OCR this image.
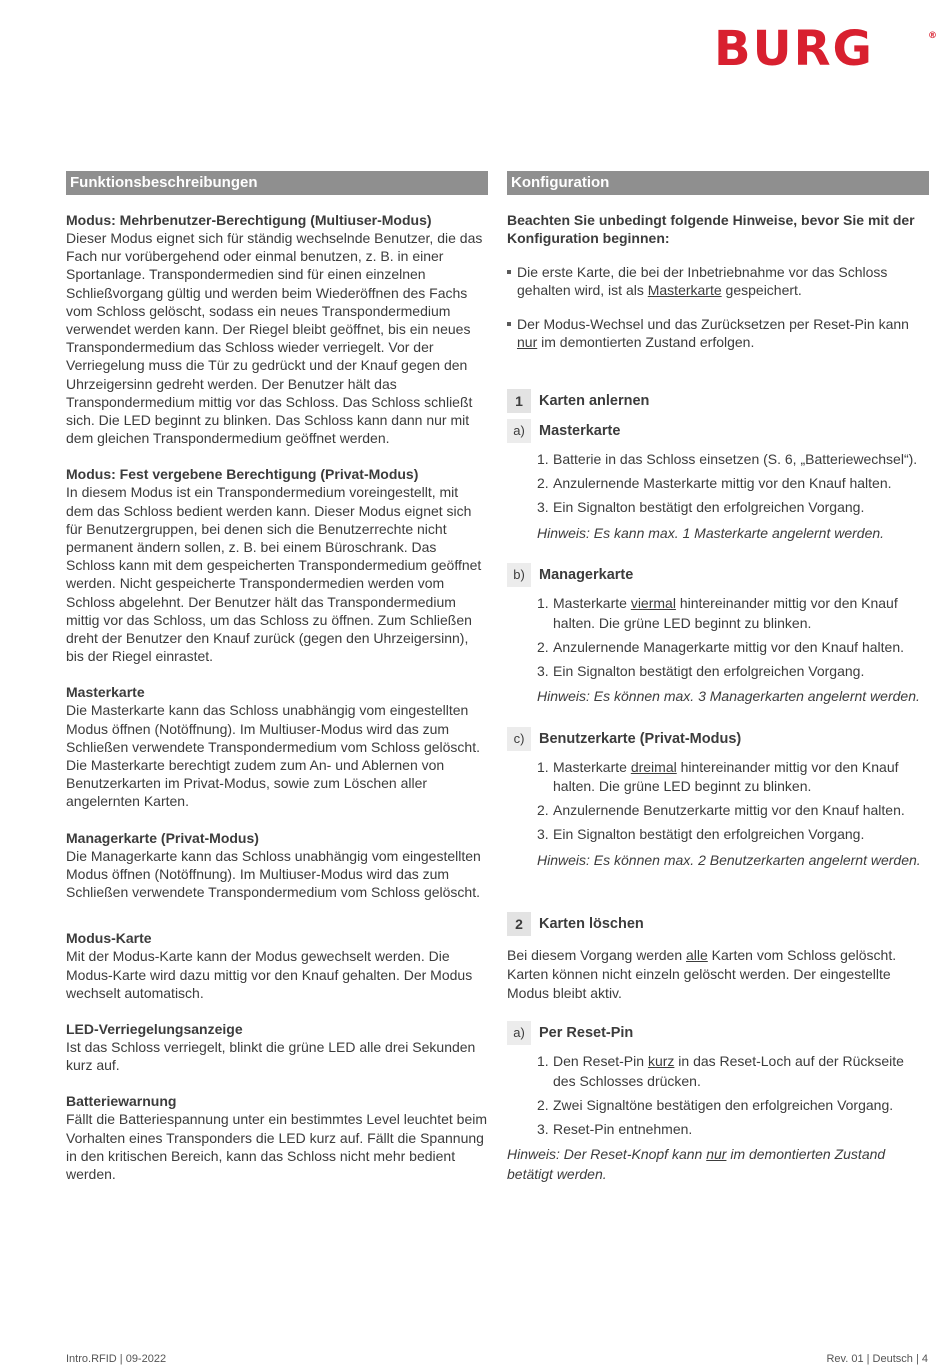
BURG	®
Funktionsbeschreibungen
Modus: Mehrbenutzer-Berechtigung (Multiuser-Modus)

Dieser Modus eignet sich für ständig wechselnde Benutzer, die das Fach nur vorübergehend oder einmal benutzen, z. B. in einer Sportanlage. Transpondermedien sind für einen einzelnen Schließvorgang gültig und werden beim Wiederöffnen des Fachs vom Schloss gelöscht, sodass ein neues Transpondermedium verwendet werden kann. Der Riegel bleibt geöffnet, bis ein neues Transpondermedium das Schloss wieder verriegelt. Vor der Verriegelung muss die Tür zu gedrückt und der Knauf gegen den Uhrzeigersinn gedreht werden. Der Benutzer hält das Transpondermedium mittig vor das Schloss. Das Schloss schließt sich. Die LED beginnt zu blinken. Das Schloss kann dann nur mit dem gleichen Transpondermedium geöffnet werden.

Modus: Fest vergebene Berechtigung (Privat-Modus)

In diesem Modus ist ein Transpondermedium voreingestellt, mit dem das Schloss bedient werden kann. Dieser Modus eignet sich für Benutzergruppen, bei denen sich die Benutzerrechte nicht permanent ändern sollen, z. B. bei einem Büroschrank. Das Schloss kann mit dem gespeicherten Transpondermedium geöffnet werden. Nicht gespeicherte Transpondermedien werden vom Schloss abgelehnt. Der Benutzer hält das Transpondermedium mittig vor das Schloss, um das Schloss zu öffnen. Zum Schließen dreht der Benutzer den Knauf zurück (gegen den Uhrzeigersinn), bis der Riegel einrastet.

Masterkarte

Die Masterkarte kann das Schloss unabhängig vom eingestellten Modus öffnen (Notöffnung). Im Multiuser-Modus wird das zum Schließen verwendete Transpondermedium vom Schloss gelöscht. Die Masterkarte berechtigt zudem zum An- und Ablernen von Benutzerkarten im Privat-Modus, sowie zum Löschen aller angelernten Karten.

Managerkarte (Privat-Modus)

Die Managerkarte kann das Schloss unabhängig vom eingestellten Modus öffnen (Notöffnung). Im Multiuser-Modus wird das zum Schließen verwendete Transpondermedium vom Schloss gelöscht.

Modus-Karte

Mit der Modus-Karte kann der Modus gewechselt werden. Die Modus-Karte wird dazu mittig vor den Knauf gehalten. Der Modus wechselt automatisch.

LED-Verriegelungsanzeige

Ist das Schloss verriegelt, blinkt die grüne LED alle drei Sekunden kurz auf.

Batteriewarnung

Fällt die Batteriespannung unter ein bestimmtes Level leuchtet beim Vorhalten eines Transponders die LED kurz auf. Fällt die Spannung in den kritischen Bereich, kann das Schloss nicht mehr bedient werden.

Konfiguration

Beachten Sie unbedingt folgende Hinweise, bevor Sie mit der Konfiguration beginnen:

Die erste Karte, die bei der Inbetriebnahme vor das Schloss gehalten wird, ist als Masterkarte gespeichert.
Der Modus-Wechsel und das Zurücksetzen per Reset-Pin kann nur im demontierten Zustand erfolgen.
1	Karten anlernen
a) Masterkarte
1. Batterie in das Schloss einsetzen (S. 6, „Batteriewechsel“).
2. Anzulernende Masterkarte mittig vor den Knauf halten.
3. Ein Signalton bestätigt den erfolgreichen Vorgang.

Hinweis: Es kann max. 1 Masterkarte angelernt werden.

b) Managerkarte
1. Masterkarte viermal hintereinander mittig vor den Knauf halten. Die grüne LED beginnt zu blinken.
2. Anzulernende Managerkarte mittig vor den Knauf halten.
3. Ein Signalton bestätigt den erfolgreichen Vorgang.

Hinweis: Es können max. 3 Managerkarten angelernt werden.

c)	Benutzerkarte (Privat-Modus)
1. Masterkarte dreimal hintereinander mittig vor den Knauf halten. Die grüne LED beginnt zu blinken.
2. Anzulernende Benutzerkarte mittig vor den Knauf halten.
3. Ein Signalton bestätigt den erfolgreichen Vorgang.

Hinweis: Es können max. 2 Benutzerkarten angelernt werden.

2	Karten löschen

Bei diesem Vorgang werden alle Karten vom Schloss gelöscht. Karten können nicht einzeln gelöscht werden. Der eingestellte Modus bleibt aktiv.

a) Per Reset-Pin
1. Den Reset-Pin kurz in das Reset-Loch auf der Rückseite des Schlosses drücken.
2. Zwei Signaltöne bestätigen den erfolgreichen Vorgang.
3. Reset-Pin entnehmen.

Hinweis: Der Reset-Knopf kann nur im demontierten Zustand betätigt werden.

Intro.RFID | 09-2022	Rev. 01 | Deutsch | 4
